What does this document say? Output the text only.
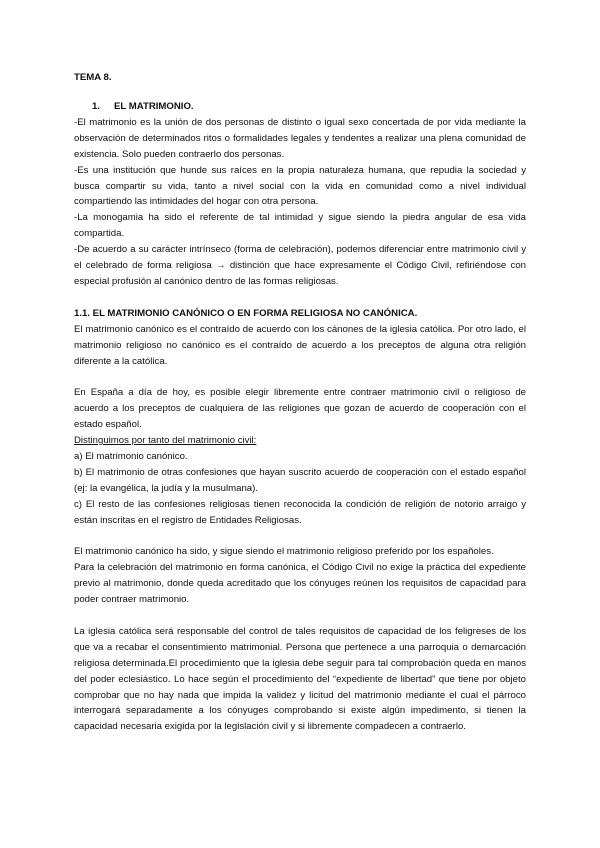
TEMA 8.

1. EL MATRIMONIO.

-El matrimonio es la unión de dos personas de distinto o igual sexo concertada de por vida mediante la observación de determinados ritos o formalidades legales y tendentes a realizar una plena comunidad de existencia. Solo pueden contraerlo dos personas.

-Es una institución que hunde sus raíces en la propia naturaleza humana, que repudia la sociedad y busca compartir su vida, tanto a nivel social con la vida en comunidad como a nivel individual compartiendo las intimidades del hogar con otra persona.

-La monogamia ha sido el referente de tal intimidad y sigue siendo la piedra angular de esa vida compartida.

-De acuerdo a su carácter intrínseco (forma de celebración), podemos diferenciar entre matrimonio civil y el celebrado de forma religiosa → distinción que hace expresamente el Código Civil, refiriéndose con especial profusión al canónico dentro de las formas religiosas.

1.1. EL MATRIMONIO CANÓNICO O EN FORMA RELIGIOSA NO CANÓNICA.

El matrimonio canónico es el contraído de acuerdo con los cánones de la iglesia católica. Por otro lado, el matrimonio religioso no canónico es el contraído de acuerdo a los preceptos de alguna otra religión diferente a la católica.

En España a día de hoy, es posible elegir libremente entre contraer matrimonio civil o religioso de acuerdo a los preceptos de cualquiera de las religiones que gozan de acuerdo de cooperación con el estado español.

Distinguimos por tanto del matrimonio civil:

a) El matrimonio canónico.

b) El matrimonio de otras confesiones que hayan suscrito acuerdo de cooperación con el estado español (ej: la evangélica, la judía y la musulmana).

c) El resto de las confesiones religiosas tienen reconocida la condición de religión de notorio arraigo y están inscritas en el registro de Entidades Religiosas.

El matrimonio canónico ha sido, y sigue siendo el matrimonio religioso preferido por los españoles.

Para la celebración del matrimonio en forma canónica, el Código Civil no exige la práctica del expediente previo al matrimonio, donde queda acreditado que los cónyuges reúnen los requisitos de capacidad para poder contraer matrimonio.

La iglesia católica será responsable del control de tales requisitos de capacidad de los feligreses de los que va a recabar el consentimiento matrimonial. Persona que pertenece a una parroquia o demarcación religiosa determinada.El procedimiento que la iglesia debe seguir para tal comprobación queda en manos del poder eclesiástico. Lo hace según el procedimiento del “expediente de libertad” que tiene por objeto comprobar que no hay nada que impida la validez y licitud del matrimonio mediante el cual el párroco interrogará separadamente a los cónyuges comprobando si existe algún impedimento, si tienen la capacidad necesaria exigida por la legislación civil y si libremente compadecen a contraerlo.
